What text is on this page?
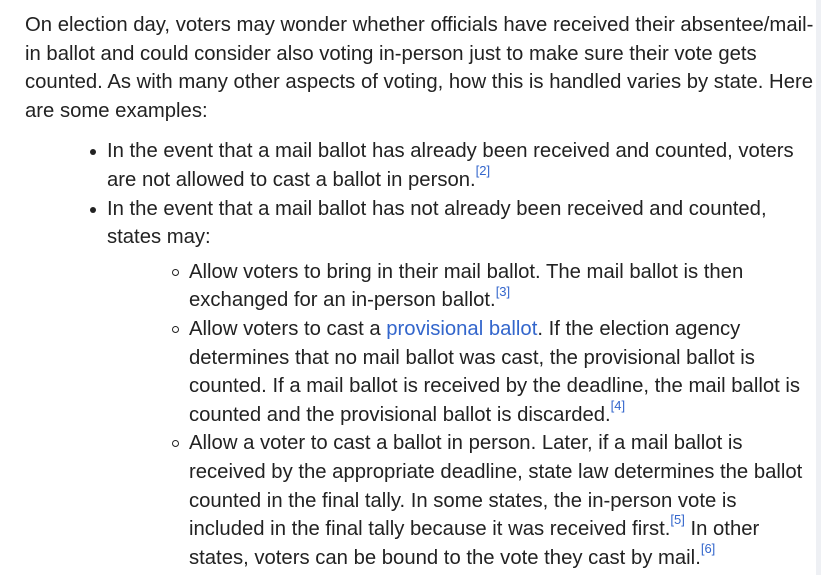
On election day, voters may wonder whether officials have received their absentee/mail-in ballot and could consider also voting in-person just to make sure their vote gets counted. As with many other aspects of voting, how this is handled varies by state. Here are some examples:

In the event that a mail ballot has already been received and counted, voters are not allowed to cast a ballot in person.[2]
In the event that a mail ballot has not already been received and counted, states may:
Allow voters to bring in their mail ballot. The mail ballot is then exchanged for an in-person ballot.[3]
Allow voters to cast a provisional ballot. If the election agency determines that no mail ballot was cast, the provisional ballot is counted. If a mail ballot is received by the deadline, the mail ballot is counted and the provisional ballot is discarded.[4]
Allow a voter to cast a ballot in person. Later, if a mail ballot is received by the appropriate deadline, state law determines the ballot counted in the final tally. In some states, the in-person vote is included in the final tally because it was received first.[5] In other states, voters can be bound to the vote they cast by mail.[6]
